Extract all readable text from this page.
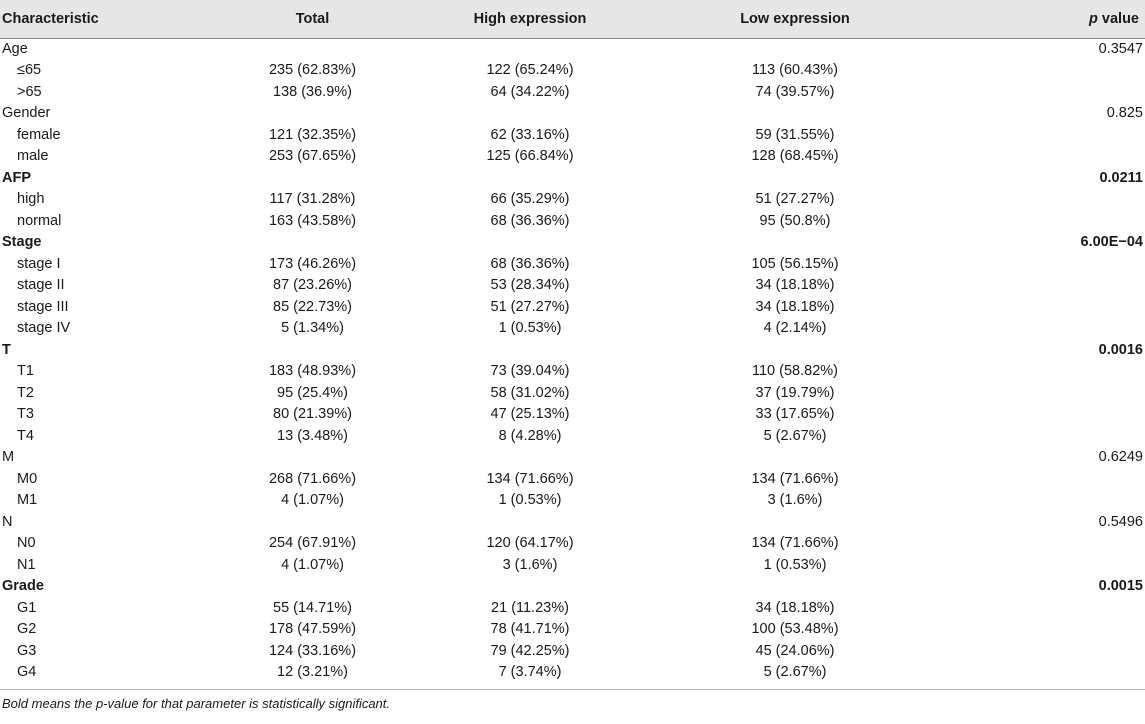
Characteristic	Total	High expression	Low expression	p value
Age				0.3547
≤65	235 (62.83%)	122 (65.24%)	113 (60.43%)	
>65	138 (36.9%)	64 (34.22%)	74 (39.57%)	
Gender				0.825
female	121 (32.35%)	62 (33.16%)	59 (31.55%)	
male	253 (67.65%)	125 (66.84%)	128 (68.45%)	
AFP				0.0211
high	117 (31.28%)	66 (35.29%)	51 (27.27%)	
normal	163 (43.58%)	68 (36.36%)	95 (50.8%)	
Stage				6.00E−04
stage I	173 (46.26%)	68 (36.36%)	105 (56.15%)	
stage II	87 (23.26%)	53 (28.34%)	34 (18.18%)	
stage III	85 (22.73%)	51 (27.27%)	34 (18.18%)	
stage IV	5 (1.34%)	1 (0.53%)	4 (2.14%)	
T				0.0016
T1	183 (48.93%)	73 (39.04%)	110 (58.82%)	
T2	95 (25.4%)	58 (31.02%)	37 (19.79%)	
T3	80 (21.39%)	47 (25.13%)	33 (17.65%)	
T4	13 (3.48%)	8 (4.28%)	5 (2.67%)	
M				0.6249
M0	268 (71.66%)	134 (71.66%)	134 (71.66%)	
M1	4 (1.07%)	1 (0.53%)	3 (1.6%)	
N				0.5496
N0	254 (67.91%)	120 (64.17%)	134 (71.66%)	
N1	4 (1.07%)	3 (1.6%)	1 (0.53%)	
Grade				0.0015
G1	55 (14.71%)	21 (11.23%)	34 (18.18%)	
G2	178 (47.59%)	78 (41.71%)	100 (53.48%)	
G3	124 (33.16%)	79 (42.25%)	45 (24.06%)	
G4	12 (3.21%)	7 (3.74%)	5 (2.67%)	
Bold means the p-value for that parameter is statistically significant.
